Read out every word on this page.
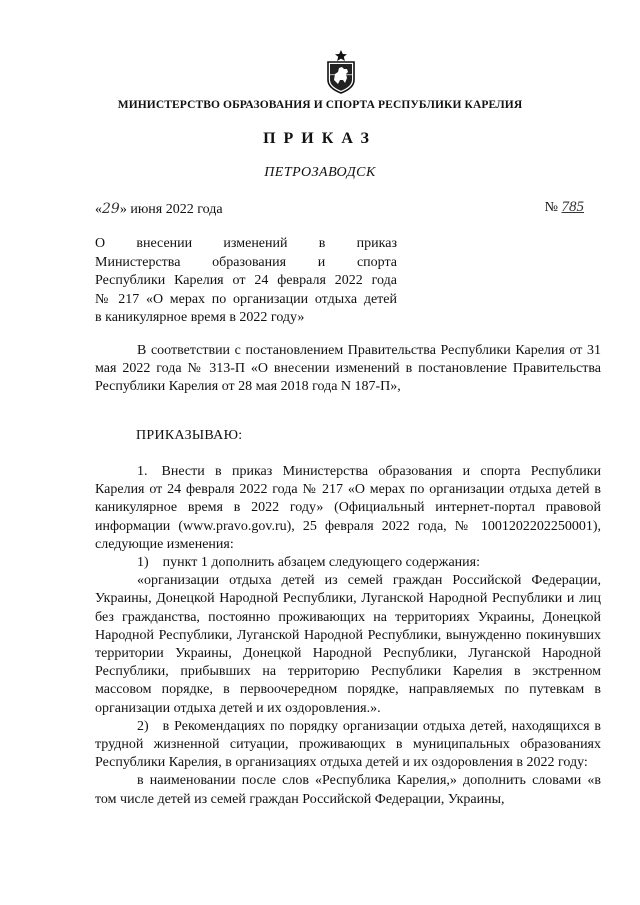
МИНИСТЕРСТВО ОБРАЗОВАНИЯ И СПОРТА РЕСПУБЛИКИ КАРЕЛИЯ
ПРИКАЗ
ПЕТРОЗАВОДСК
«29» июня 2022 года	№ 785
О внесении изменений в приказ
Министерства образования и спорта
Республики Карелия от 24 февраля 2022 года
№ 217 «О мерах по организации отдыха детей
в каникулярное время в 2022 году»

В соответствии с постановлением Правительства Республики Карелия от 31 мая 2022 года № 313-П «О внесении изменений в постановление Правительства Республики Карелия от 28 мая 2018 года N 187-П»,

ПРИКАЗЫВАЮ:

1. Внести в приказ Министерства образования и спорта Республики Карелия от 24 февраля 2022 года № 217 «О мерах по организации отдыха детей в каникулярное время в 2022 году» (Официальный интернет-портал правовой информации (www.pravo.gov.ru), 25 февраля 2022 года, № 1001202202250001), следующие изменения:

1) пункт 1 дополнить абзацем следующего содержания:

«организации отдыха детей из семей граждан Российской Федерации, Украины, Донецкой Народной Республики, Луганской Народной Республики и лиц без гражданства, постоянно проживающих на территориях Украины, Донецкой Народной Республики, Луганской Народной Республики, вынужденно покинувших территории Украины, Донецкой Народной Республики, Луганской Народной Республики, прибывших на территорию Республики Карелия в экстренном массовом порядке, в первоочередном порядке, направляемых по путевкам в организации отдыха детей и их оздоровления.».

2) в Рекомендациях по порядку организации отдыха детей, находящихся в трудной жизненной ситуации, проживающих в муниципальных образованиях Республики Карелия, в организациях отдыха детей и их оздоровления в 2022 году:

в наименовании после слов «Республика Карелия,» дополнить словами «в том числе детей из семей граждан Российской Федерации, Украины,
